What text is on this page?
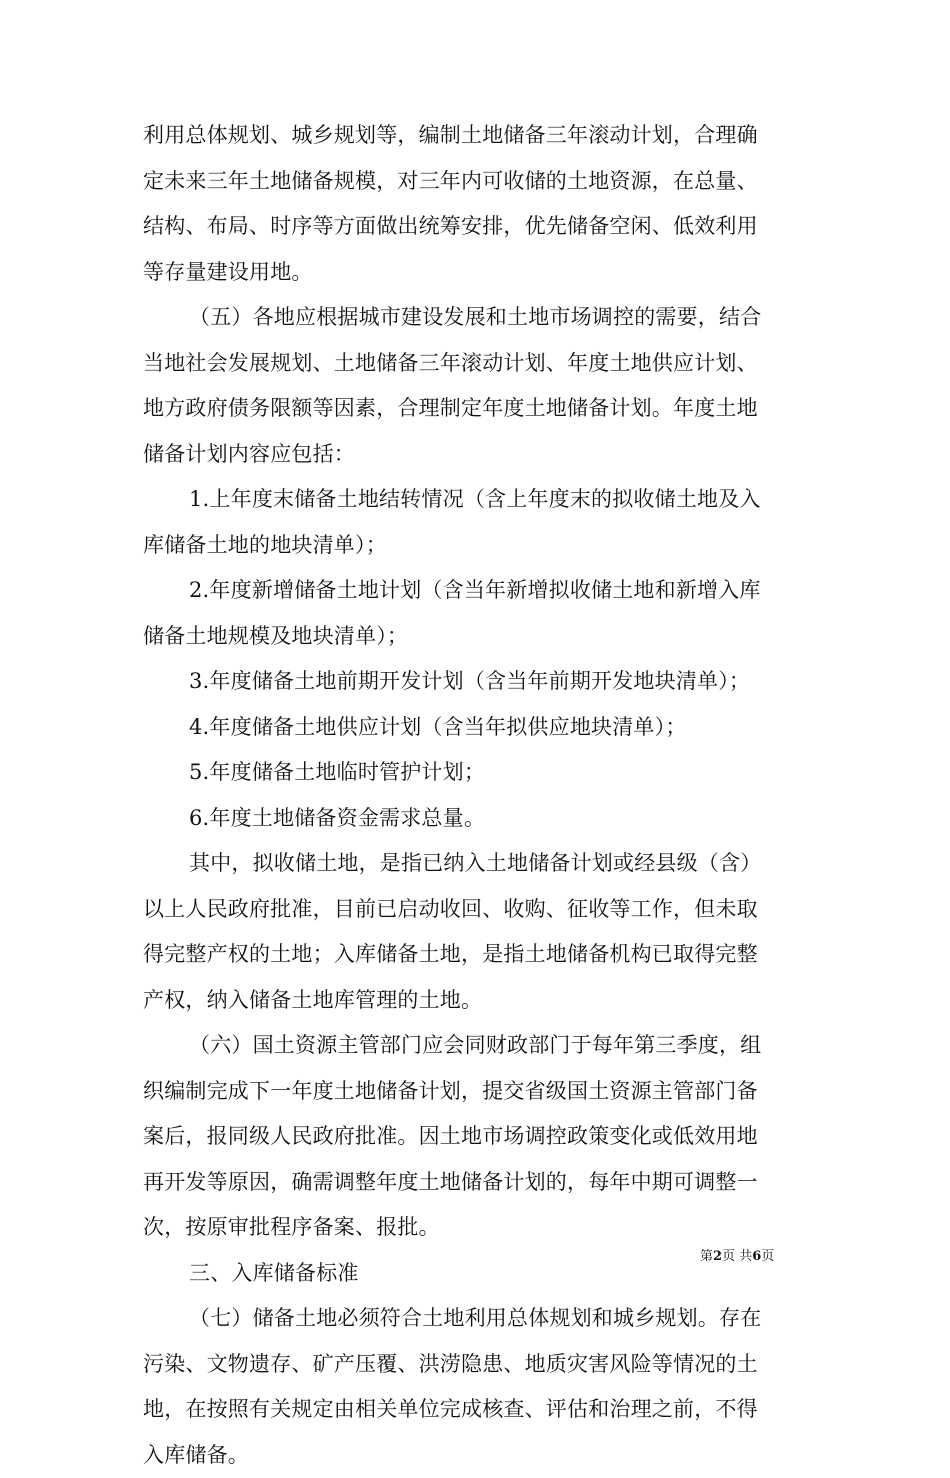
利用总体规划、城乡规划等，编制土地储备三年滚动计划，合理确
定未来三年土地储备规模，对三年内可收储的土地资源，在总量、
结构、布局、时序等方面做出统筹安排，优先储备空闲、低效利用
等存量建设用地。
（五）各地应根据城市建设发展和土地市场调控的需要，结合
当地社会发展规划、土地储备三年滚动计划、年度土地供应计划、
地方政府债务限额等因素，合理制定年度土地储备计划。年度土地
储备计划内容应包括：
1.上年度末储备土地结转情况（含上年度末的拟收储土地及入
库储备土地的地块清单）；
2.年度新增储备土地计划（含当年新增拟收储土地和新增入库
储备土地规模及地块清单）；
3.年度储备土地前期开发计划（含当年前期开发地块清单）；
4.年度储备土地供应计划（含当年拟供应地块清单）；
5.年度储备土地临时管护计划；
6.年度土地储备资金需求总量。
其中，拟收储土地，是指已纳入土地储备计划或经县级（含）
以上人民政府批准，目前已启动收回、收购、征收等工作，但未取
得完整产权的土地；入库储备土地，是指土地储备机构已取得完整
产权，纳入储备土地库管理的土地。
（六）国土资源主管部门应会同财政部门于每年第三季度，组
织编制完成下一年度土地储备计划，提交省级国土资源主管部门备
案后，报同级人民政府批准。因土地市场调控政策变化或低效用地
再开发等原因，确需调整年度土地储备计划的，每年中期可调整一
次，按原审批程序备案、报批。
三、入库储备标准
（七）储备土地必须符合土地利用总体规划和城乡规划。存在
污染、文物遗存、矿产压覆、洪涝隐患、地质灾害风险等情况的土
地，在按照有关规定由相关单位完成核查、评估和治理之前，不得
入库储备。
第2页 共6页
